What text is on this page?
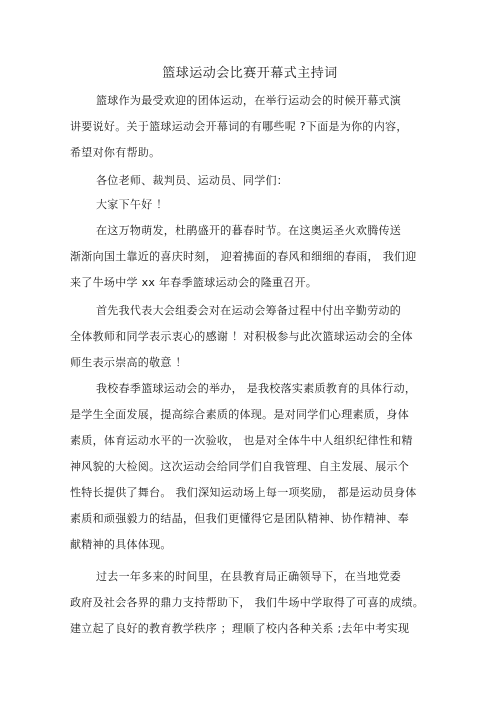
篮球运动会比赛开幕式主持词
篮球作为最受欢迎的团体运动，在举行运动会的时候开幕式演
讲要说好。关于篮球运动会开幕词的有哪些呢 ?下面是为你的内容，
希望对你有帮助。
各位老师、裁判员、运动员、同学们：
大家下午好 ！
在这万物萌发，杜鹃盛开的暮春时节。在这奥运圣火欢腾传送
渐渐向国土靠近的喜庆时刻， 迎着拂面的春风和细细的春雨， 我们迎
来了牛场中学 xx 年春季篮球运动会的隆重召开。
首先我代表大会组委会对在运动会筹备过程中付出辛勤劳动的
全体教师和同学表示衷心的感谢 ！对积极参与此次篮球运动会的全体
师生表示崇高的敬意 ！
我校春季篮球运动会的举办， 是我校落实素质教育的具体行动，
是学生全面发展，提高综合素质的体现。是对同学们心理素质，身体
素质，体育运动水平的一次验收， 也是对全体牛中人组织纪律性和精
神风貌的大检阅。这次运动会给同学们自我管理、自主发展、展示个
性特长提供了舞台。 我们深知运动场上每一项奖励， 都是运动员身体
素质和顽强毅力的结晶，但我们更懂得它是团队精神、协作精神、奉
献精神的具体体现。
过去一年多来的时间里，在县教育局正确领导下，在当地党委
政府及社会各界的鼎力支持帮助下， 我们牛场中学取得了可喜的成绩。
建立起了良好的教育教学秩序 ；理顺了校内各种关系 ;去年中考实现
